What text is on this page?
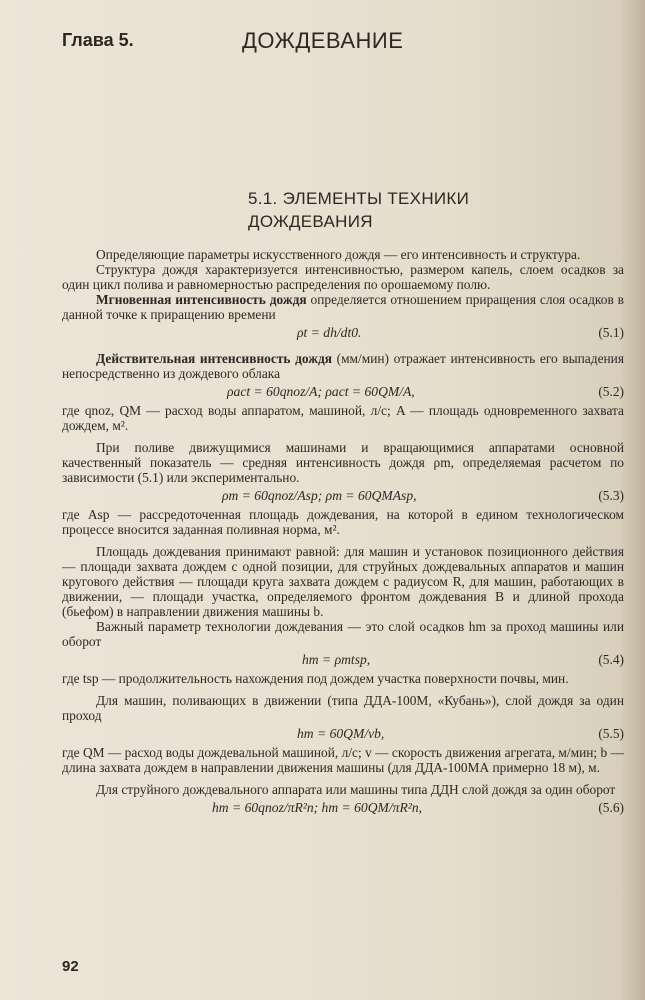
Глава 5.	ДОЖДЕВАНИЕ
5.1. ЭЛЕМЕНТЫ ТЕХНИКИ
ДОЖДЕВАНИЯ

Определяющие параметры искусственного дождя — его интенсивность и структура.

Структура дождя характеризуется интенсивностью, размером капель, слоем осадков за один цикл полива и равномерностью распределения по орошаемому полю.

Мгновенная интенсивность дождя определяется отношением приращения слоя осадков в данной точке к приращению времени

ρt = dh/dt0.	(5.1)

Действительная интенсивность дождя (мм/мин) отражает интенсивность его выпадения непосредственно из дождевого облака

ρact = 60qnoz/A; ρact = 60QM/A,	(5.2)

где qnoz, QM — расход воды аппаратом, машиной, л/с; A — площадь одновременного захвата дождем, м².

При поливе движущимися машинами и вращающимися аппаратами основной качественный показатель — средняя интенсивность дождя ρm, определяемая расчетом по зависимости (5.1) или экспериментально.

ρm = 60qnoz/Asp; ρm = 60QMAsp,	(5.3)

где Asp — рассредоточенная площадь дождевания, на которой в едином технологическом процессе вносится заданная поливная норма, м².

Площадь дождевания принимают равной: для машин и установок позиционного действия — площади захвата дождем с одной позиции, для струйных дождевальных аппаратов и машин кругового действия — площади круга захвата дождем с радиусом R, для машин, работающих в движении, — площади участка, определяемого фронтом дождевания B и длиной прохода (бьефом) в направлении движения машины b.

Важный параметр технологии дождевания — это слой осадков hm за проход машины или оборот

hm = ρmtsp,	(5.4)

где tsp — продолжительность нахождения под дождем участка поверхности почвы, мин.

Для машин, поливающих в движении (типа ДДА-100М, «Кубань»), слой дождя за один проход

hm = 60QM/vb,	(5.5)

где QM — расход воды дождевальной машиной, л/с; v — скорость движения агрегата, м/мин; b — длина захвата дождем в направлении движения машины (для ДДА-100МА примерно 18 м), м.

Для струйного дождевального аппарата или машины типа ДДН слой дождя за один оборот

hm = 60qnoz/πR²n; hm = 60QM/πR²n,	(5.6)
92
